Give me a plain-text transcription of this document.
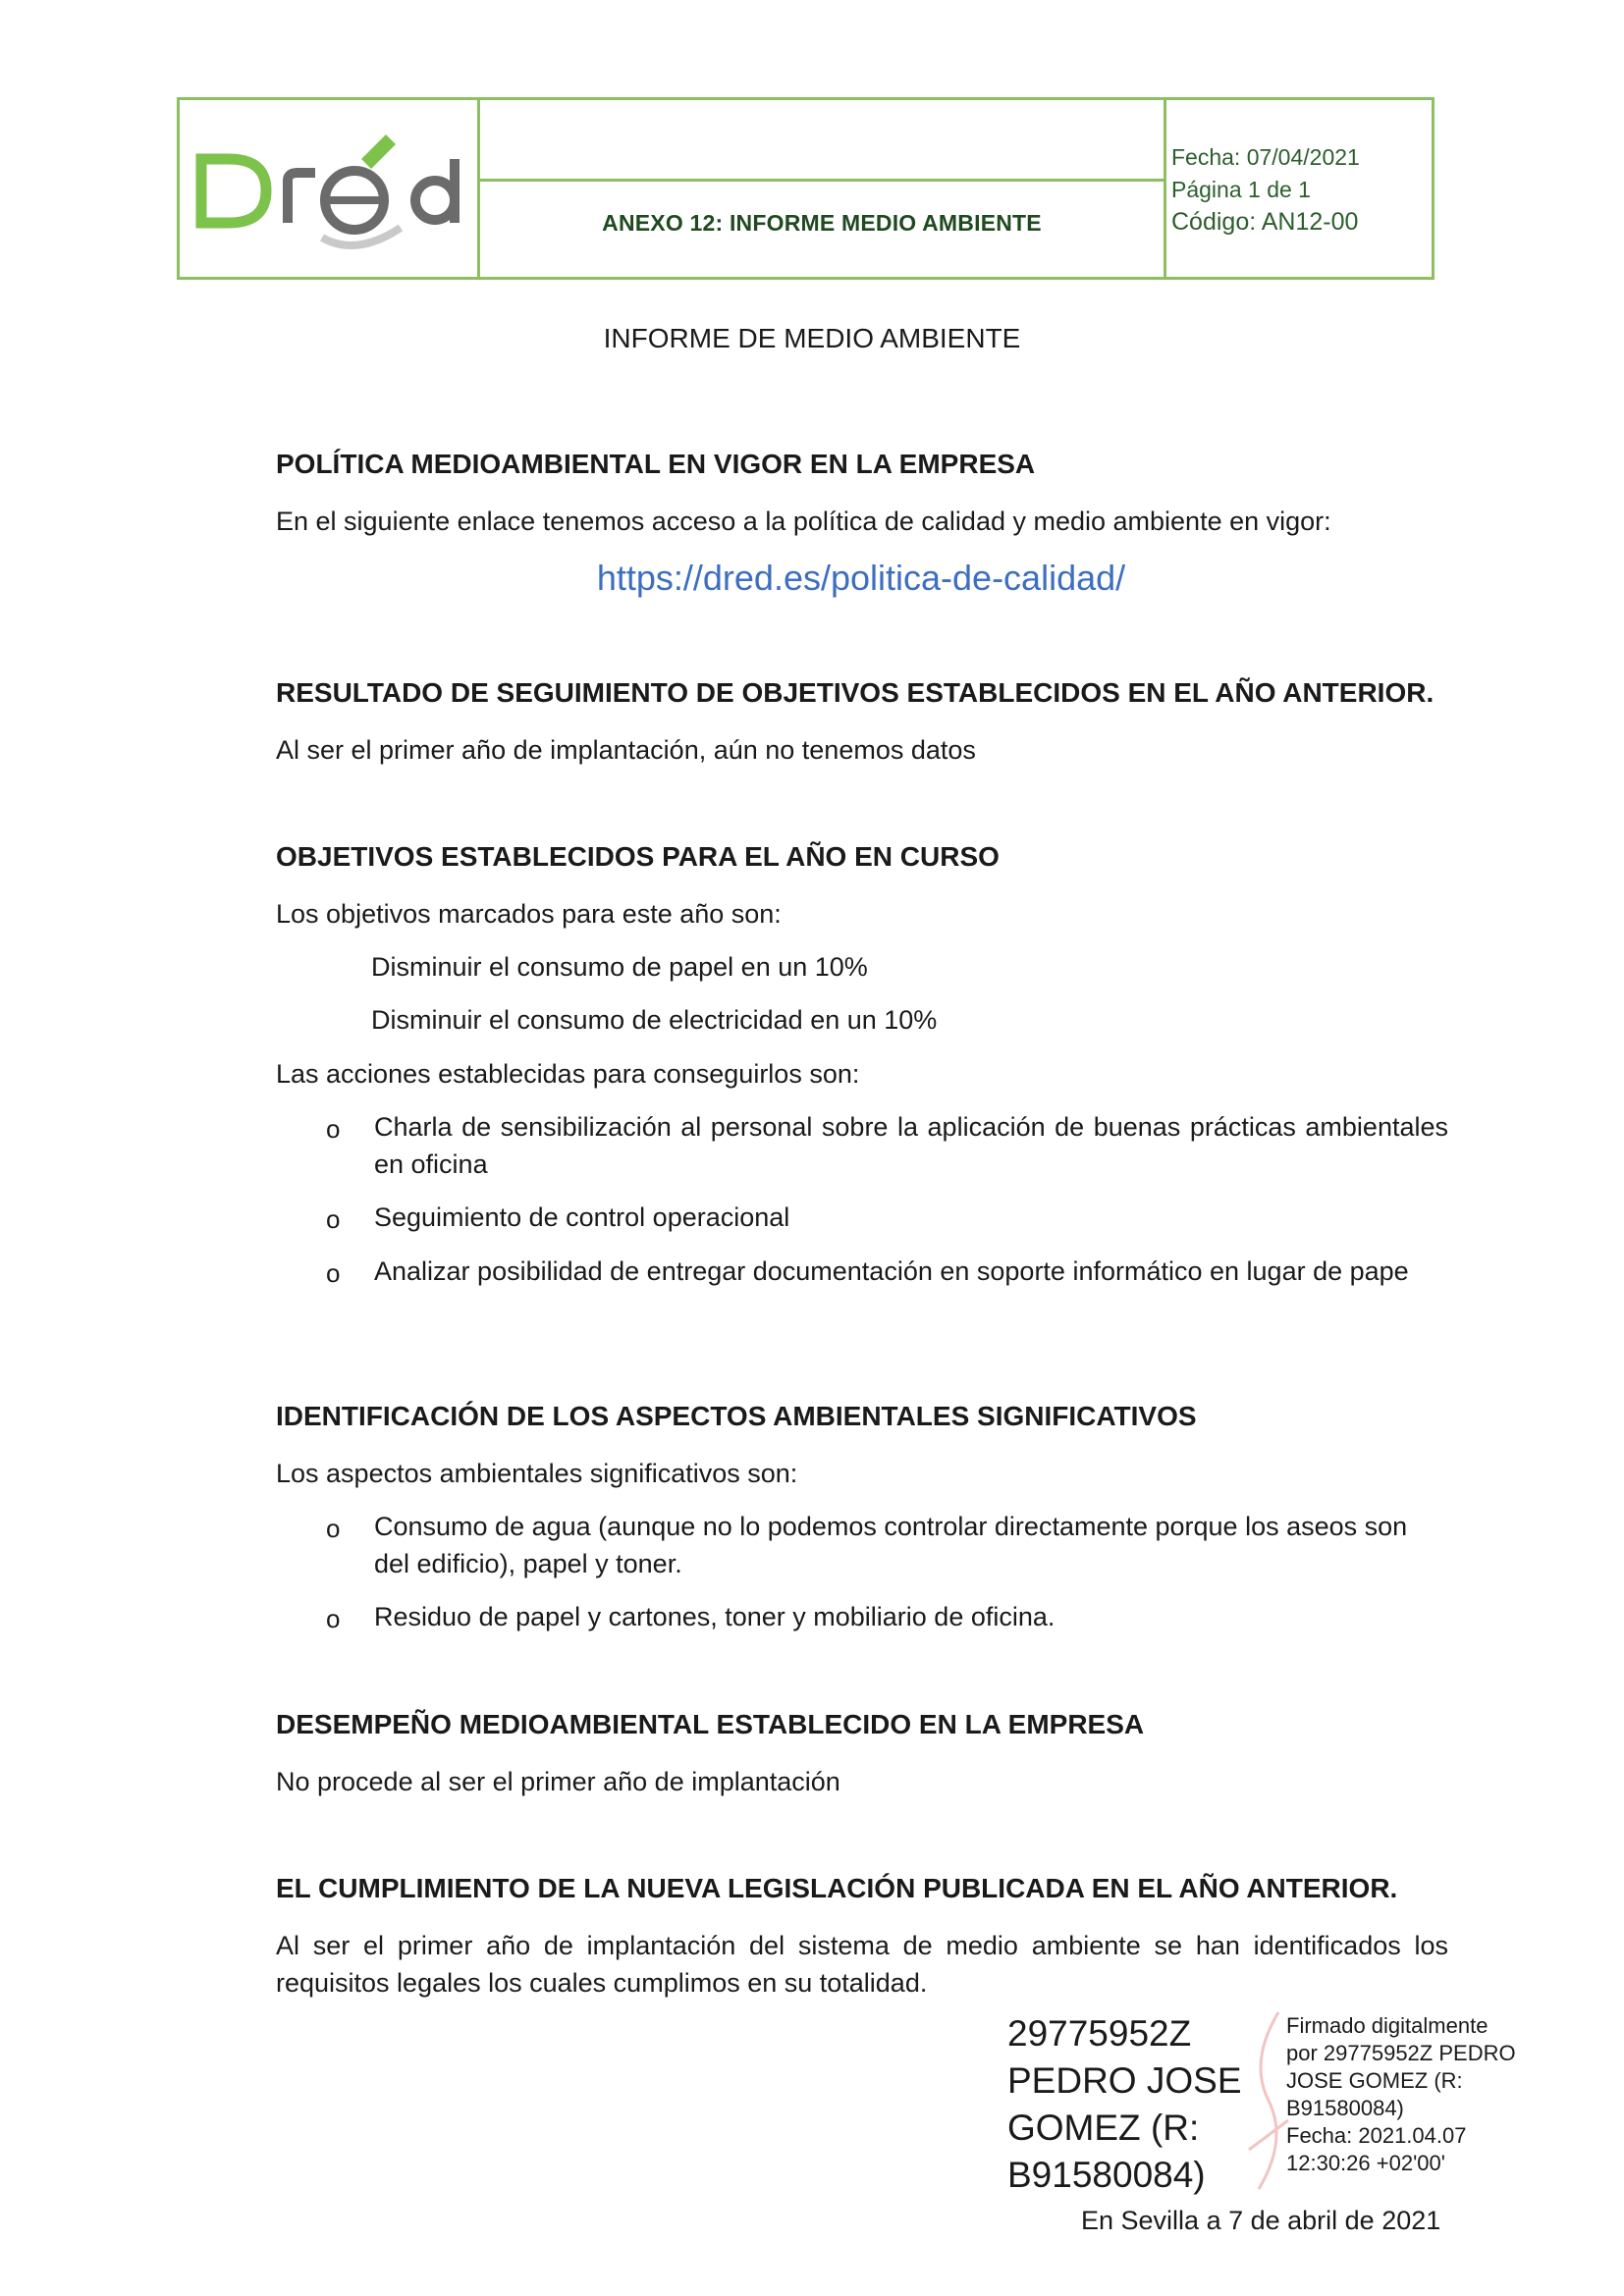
ANEXO 12: INFORME MEDIO AMBIENTE
Fecha: 07/04/2021
Página 1 de 1
Código: AN12-00
INFORME DE MEDIO AMBIENTE
POLÍTICA MEDIOAMBIENTAL EN VIGOR EN LA EMPRESA
En el siguiente enlace tenemos acceso a la política de calidad y medio ambiente en vigor:
https://dred.es/politica-de-calidad/
RESULTADO DE SEGUIMIENTO DE OBJETIVOS ESTABLECIDOS EN EL AÑO ANTERIOR.
Al ser el primer año de implantación, aún no tenemos datos
OBJETIVOS ESTABLECIDOS PARA EL AÑO EN CURSO
Los objetivos marcados para este año son:
Disminuir el consumo de papel en un 10%
Disminuir el consumo de electricidad en un 10%
Las acciones establecidas para conseguirlos son:
o Charla de sensibilización al personal sobre la aplicación de buenas prácticas ambientales en oficina
o Seguimiento de control operacional
o Analizar posibilidad de entregar documentación en soporte informático en lugar de pape
IDENTIFICACIÓN DE LOS ASPECTOS AMBIENTALES SIGNIFICATIVOS
Los aspectos ambientales significativos son:
o Consumo de agua (aunque no lo podemos controlar directamente porque los aseos son del edificio), papel y toner.
o Residuo de papel y cartones, toner y mobiliario de oficina.
DESEMPEÑO MEDIOAMBIENTAL ESTABLECIDO EN LA EMPRESA
No procede al ser el primer año de implantación
EL CUMPLIMIENTO DE LA NUEVA LEGISLACIÓN PUBLICADA EN EL AÑO ANTERIOR.
Al ser el primer año de implantación del sistema de medio ambiente se han identificados los requisitos legales los cuales cumplimos en su totalidad.
29775952Z
PEDRO JOSE
GOMEZ (R:
B91580084)
Firmado digitalmente
por 29775952Z PEDRO
JOSE GOMEZ (R:
B91580084)
Fecha: 2021.04.07
12:30:26 +02'00'
En Sevilla a 7 de abril de 2021
